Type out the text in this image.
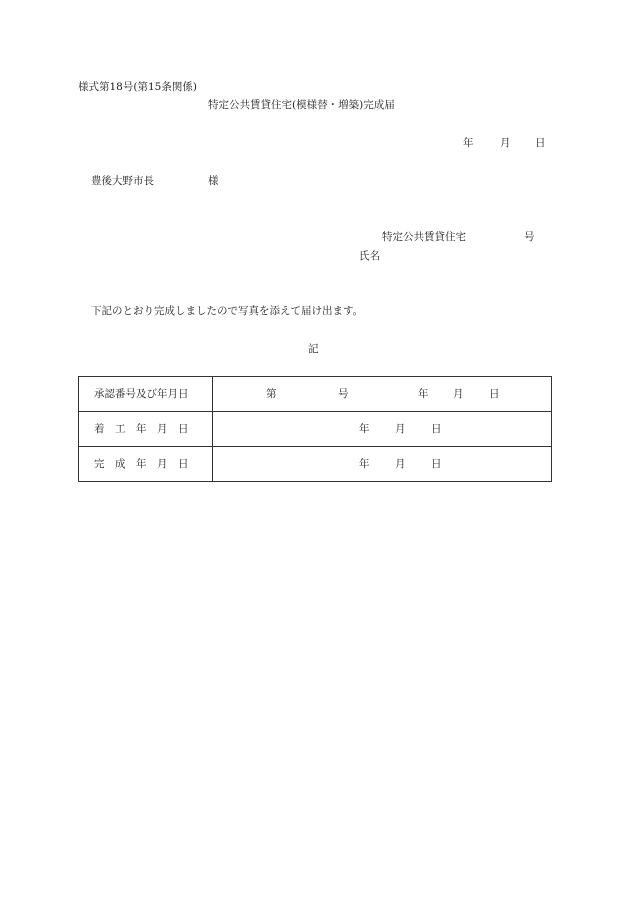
様式第18号(第15条関係)
特定公共賃貸住宅(模様替・増築)完成届
年	月 日
豊後大野市長	様
特定公共賃貸住宅	号
氏名
下記のとおり完成しましたので写真を添えて届け出ます。
記
承認番号及び年月日	第 号 年 月 日

着　工　年　月　日	年 月 日

完　成　年　月　日	年 月 日
